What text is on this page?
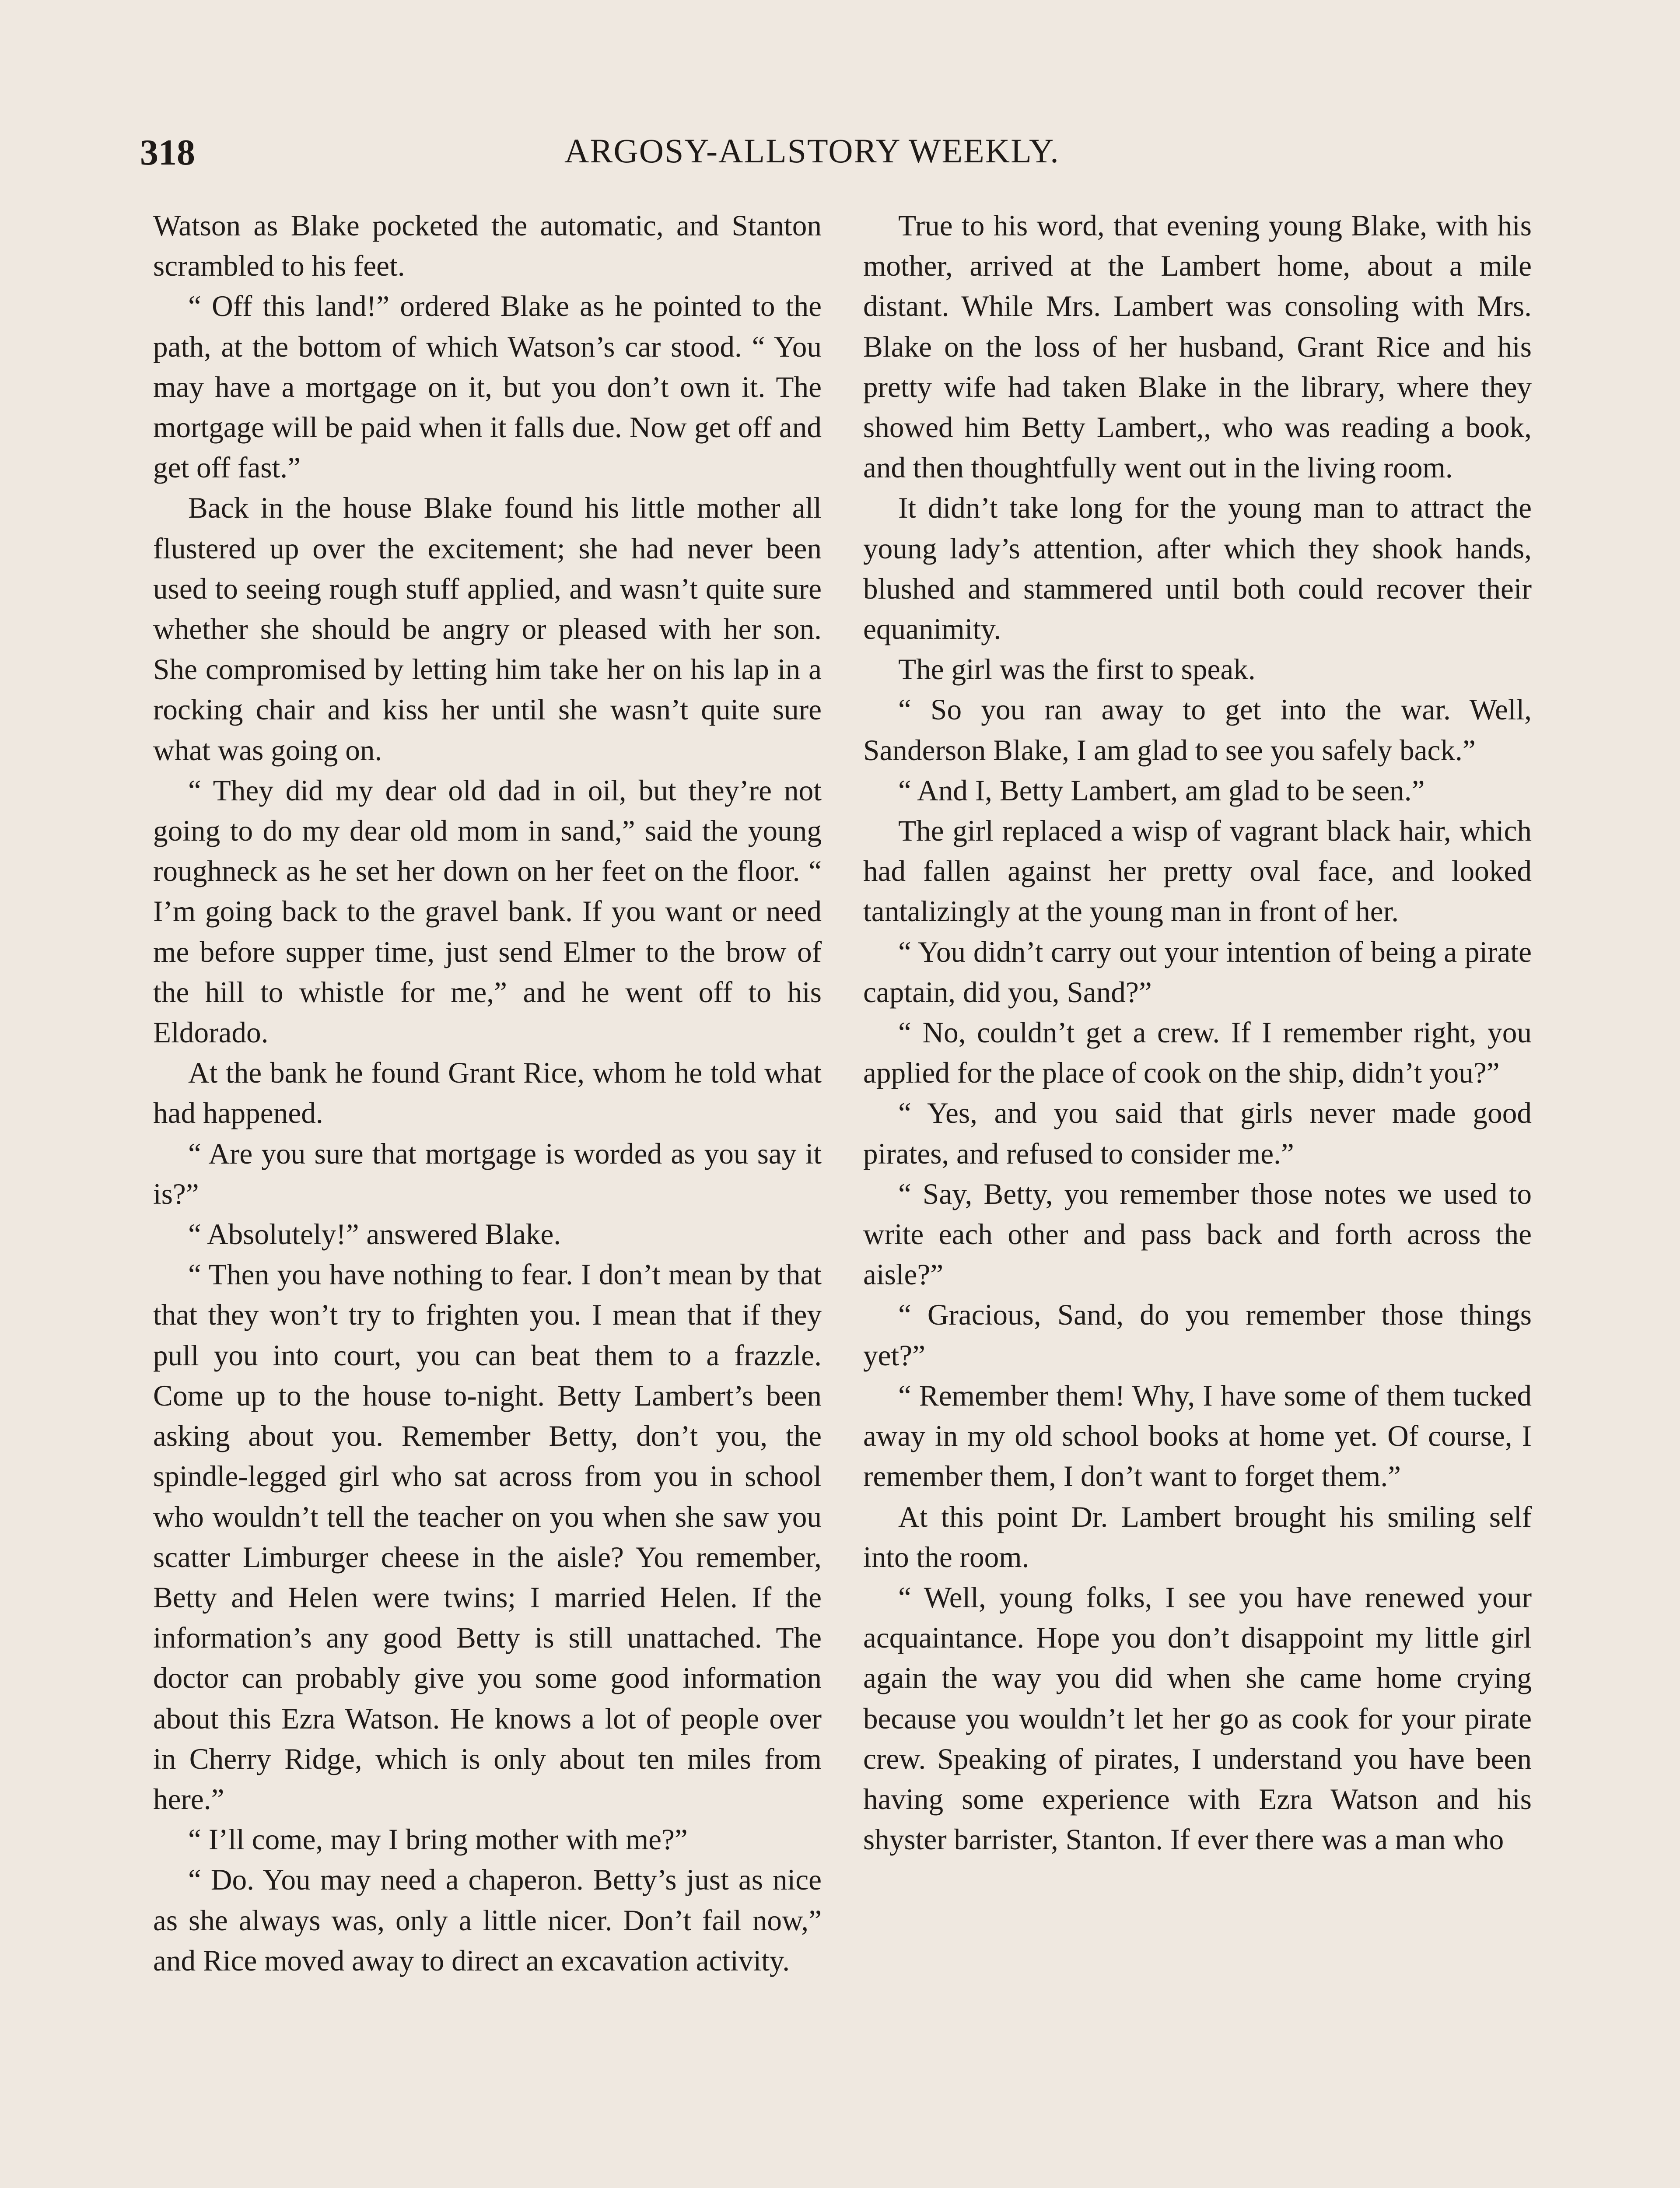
318	ARGOSY-ALLSTORY WEEKLY.

Watson as Blake pocketed the automatic, and Stanton scrambled to his feet.

“ Off this land!” ordered Blake as he pointed to the path, at the bottom of which Watson’s car stood. “ You may have a mortgage on it, but you don’t own it. The mortgage will be paid when it falls due. Now get off and get off fast.”

Back in the house Blake found his little mother all flustered up over the excitement; she had never been used to seeing rough stuff applied, and wasn’t quite sure whether she should be angry or pleased with her son. She compromised by letting him take her on his lap in a rocking chair and kiss her until she wasn’t quite sure what was going on.

“ They did my dear old dad in oil, but they’re not going to do my dear old mom in sand,” said the young roughneck as he set her down on her feet on the floor. “ I’m going back to the gravel bank. If you want or need me before supper time, just send Elmer to the brow of the hill to whistle for me,” and he went off to his Eldorado.

At the bank he found Grant Rice, whom he told what had happened.

“ Are you sure that mortgage is worded as you say it is?”

“ Absolutely!” answered Blake.

“ Then you have nothing to fear. I don’t mean by that that they won’t try to frighten you. I mean that if they pull you into court, you can beat them to a frazzle. Come up to the house to-night. Betty Lambert’s been asking about you. Remember Betty, don’t you, the spindle-legged girl who sat across from you in school who wouldn’t tell the teacher on you when she saw you scatter Limburger cheese in the aisle? You remember, Betty and Helen were twins; I married Helen. If the information’s any good Betty is still unattached. The doctor can probably give you some good information about this Ezra Watson. He knows a lot of people over in Cherry Ridge, which is only about ten miles from here.”

“ I’ll come, may I bring mother with me?”

“ Do. You may need a chaperon. Betty’s just as nice as she always was, only a little nicer. Don’t fail now,” and Rice moved away to direct an excavation activity.

True to his word, that evening young Blake, with his mother, arrived at the Lambert home, about a mile distant. While Mrs. Lambert was consoling with Mrs. Blake on the loss of her husband, Grant Rice and his pretty wife had taken Blake in the library, where they showed him Betty Lambert,, who was reading a book, and then thoughtfully went out in the living room.

It didn’t take long for the young man to attract the young lady’s attention, after which they shook hands, blushed and stammered until both could recover their equanimity.

The girl was the first to speak.

“ So you ran away to get into the war. Well, Sanderson Blake, I am glad to see you safely back.”

“ And I, Betty Lambert, am glad to be seen.”

The girl replaced a wisp of vagrant black hair, which had fallen against her pretty oval face, and looked tantalizingly at the young man in front of her.

“ You didn’t carry out your intention of being a pirate captain, did you, Sand?”

“ No, couldn’t get a crew. If I remember right, you applied for the place of cook on the ship, didn’t you?”

“ Yes, and you said that girls never made good pirates, and refused to consider me.”

“ Say, Betty, you remember those notes we used to write each other and pass back and forth across the aisle?”

“ Gracious, Sand, do you remember those things yet?”

“ Remember them! Why, I have some of them tucked away in my old school books at home yet. Of course, I remember them, I don’t want to forget them.”

At this point Dr. Lambert brought his smiling self into the room.

“ Well, young folks, I see you have renewed your acquaintance. Hope you don’t disappoint my little girl again the way you did when she came home crying because you wouldn’t let her go as cook for your pirate crew. Speaking of pirates, I understand you have been having some experience with Ezra Watson and his shyster barrister, Stanton. If ever there was a man who
